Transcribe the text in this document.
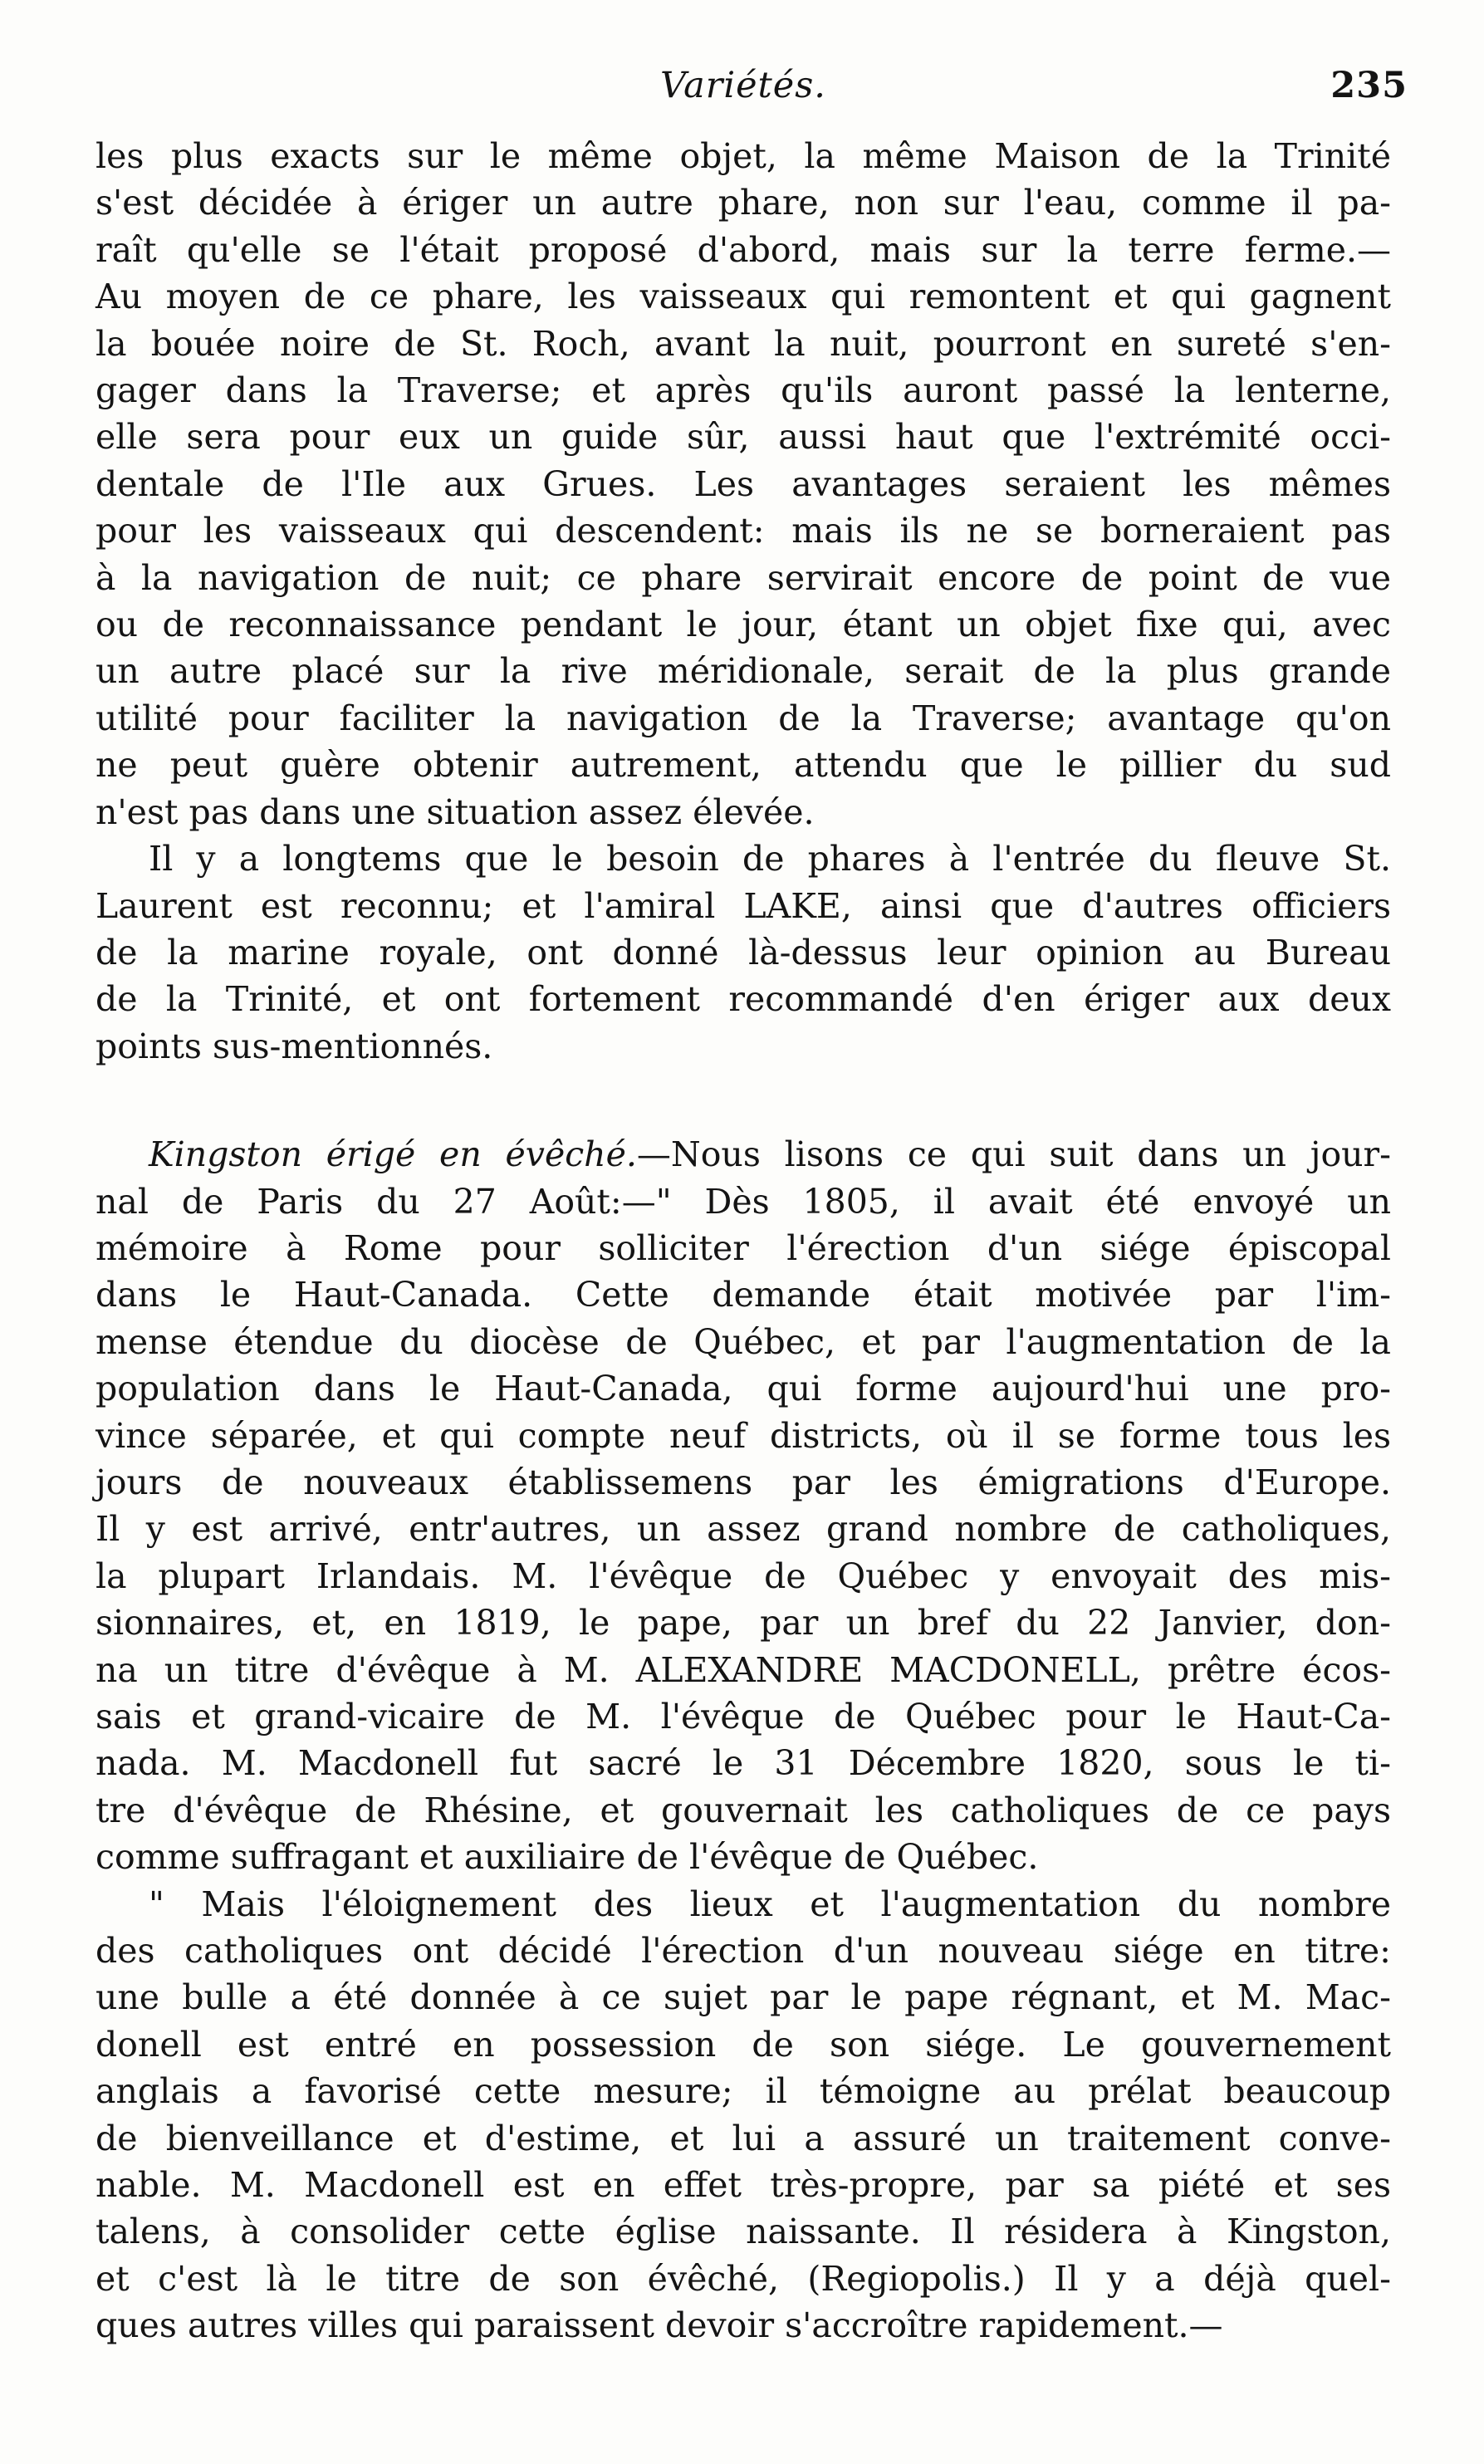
Variétés.	235
les plus exacts sur le même objet, la même Maison de la Trinité
s'est décidée à ériger un autre phare, non sur l'eau, comme il pa-
raît qu'elle se l'était proposé d'abord, mais sur la terre ferme.—
Au moyen de ce phare, les vaisseaux qui remontent et qui gagnent
la bouée noire de St. Roch, avant la nuit, pourront en sureté s'en-
gager dans la Traverse; et après qu'ils auront passé la lenterne,
elle sera pour eux un guide sûr, aussi haut que l'extrémité occi-
dentale de l'Ile aux Grues. Les avantages seraient les mêmes
pour les vaisseaux qui descendent: mais ils ne se borneraient pas
à la navigation de nuit; ce phare servirait encore de point de vue
ou de reconnaissance pendant le jour, étant un objet fixe qui, avec
un autre placé sur la rive méridionale, serait de la plus grande
utilité pour faciliter la navigation de la Traverse; avantage qu'on
ne peut guère obtenir autrement, attendu que le pillier du sud
n'est pas dans une situation assez élevée.
Il y a longtems que le besoin de phares à l'entrée du fleuve St.
Laurent est reconnu; et l'amiral LAKE, ainsi que d'autres officiers
de la marine royale, ont donné là-dessus leur opinion au Bureau
de la Trinité, et ont fortement recommandé d'en ériger aux deux
points sus-mentionnés.
Kingston érigé en évêché.—Nous lisons ce qui suit dans un jour-
nal de Paris du 27 Août:—" Dès 1805, il avait été envoyé un
mémoire à Rome pour solliciter l'érection d'un siége épiscopal
dans le Haut-Canada. Cette demande était motivée par l'im-
mense étendue du diocèse de Québec, et par l'augmentation de la
population dans le Haut-Canada, qui forme aujourd'hui une pro-
vince séparée, et qui compte neuf districts, où il se forme tous les
jours de nouveaux établissemens par les émigrations d'Europe.
Il y est arrivé, entr'autres, un assez grand nombre de catholiques,
la plupart Irlandais. M. l'évêque de Québec y envoyait des mis-
sionnaires, et, en 1819, le pape, par un bref du 22 Janvier, don-
na un titre d'évêque à M. ALEXANDRE MACDONELL, prêtre écos-
sais et grand-vicaire de M. l'évêque de Québec pour le Haut-Ca-
nada. M. Macdonell fut sacré le 31 Décembre 1820, sous le ti-
tre d'évêque de Rhésine, et gouvernait les catholiques de ce pays
comme suffragant et auxiliaire de l'évêque de Québec.
" Mais l'éloignement des lieux et l'augmentation du nombre
des catholiques ont décidé l'érection d'un nouveau siége en titre:
une bulle a été donnée à ce sujet par le pape régnant, et M. Mac-
donell est entré en possession de son siége. Le gouvernement
anglais a favorisé cette mesure; il témoigne au prélat beaucoup
de bienveillance et d'estime, et lui a assuré un traitement conve-
nable. M. Macdonell est en effet très-propre, par sa piété et ses
talens, à consolider cette église naissante. Il résidera à Kingston,
et c'est là le titre de son évêché, (Regiopolis.) Il y a déjà quel-
ques autres villes qui paraissent devoir s'accroître rapidement.—
